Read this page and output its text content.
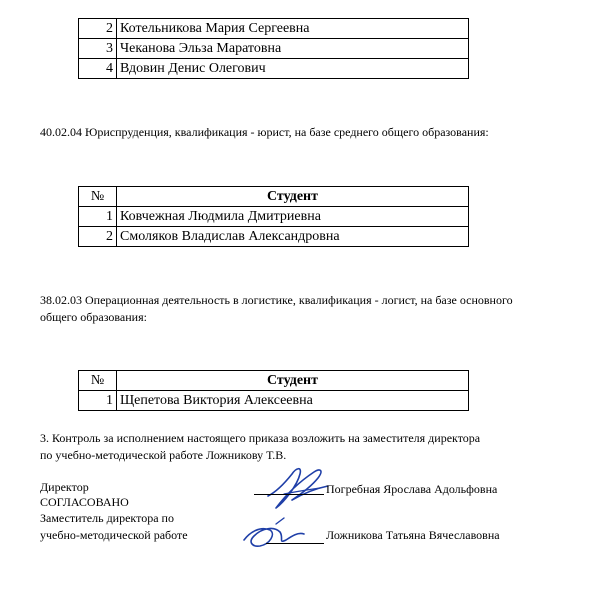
2	Котельникова Мария Сергеевна
3	Чеканова Эльза Маратовна
4	Вдовин Денис Олегович
40.02.04 Юриспруденция, квалификация - юрист, на базе среднего общего образования:
№	Студент
1	Ковчежная Людмила Дмитриевна
2	Смоляков Владислав Александровна
38.02.03 Операционная деятельность в логистике, квалификация - логист, на базе основного
общего образования:
№	Студент
1	Щепетова Виктория Алексеевна
3. Контроль за исполнением настоящего приказа возложить на заместителя директора
по учебно-методической работе Ложникову Т.В.
Директор
СОГЛАСОВАНО
Заместитель директора по
учебно-методической работе
Погребная Ярослава Адольфовна
Ложникова Татьяна Вячеславовна
